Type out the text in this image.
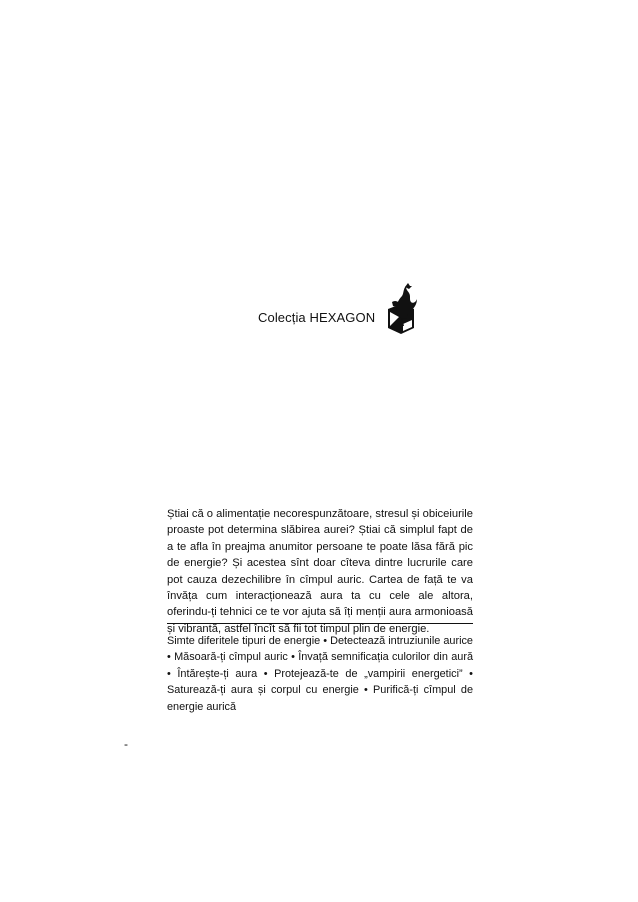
Colecția HEXAGON
Știai că o alimentație necorespunzătoare, stresul și obiceiurile proaste pot determina slăbirea aurei? Știai că simplul fapt de a te afla în preajma anumitor persoane te poate lăsa fără pic de energie? Și acestea sînt doar cîteva dintre lucrurile care pot cauza dezechilibre în cîmpul auric. Cartea de față te va învăța cum interacționează aura ta cu cele ale altora, oferindu-ți tehnici ce te vor ajuta să îți menții aura armonioasă și vibrantă, astfel încît să fii tot timpul plin de energie.
Simte diferitele tipuri de energie • Detectează intruziunile aurice • Măsoară-ți cîmpul auric • Învață semnificația culorilor din aură • Întărește-ți aura • Protejează-te de „vampirii energetici” • Saturează-ți aura și corpul cu energie • Purifică-ți cîmpul de energie aurică
-
